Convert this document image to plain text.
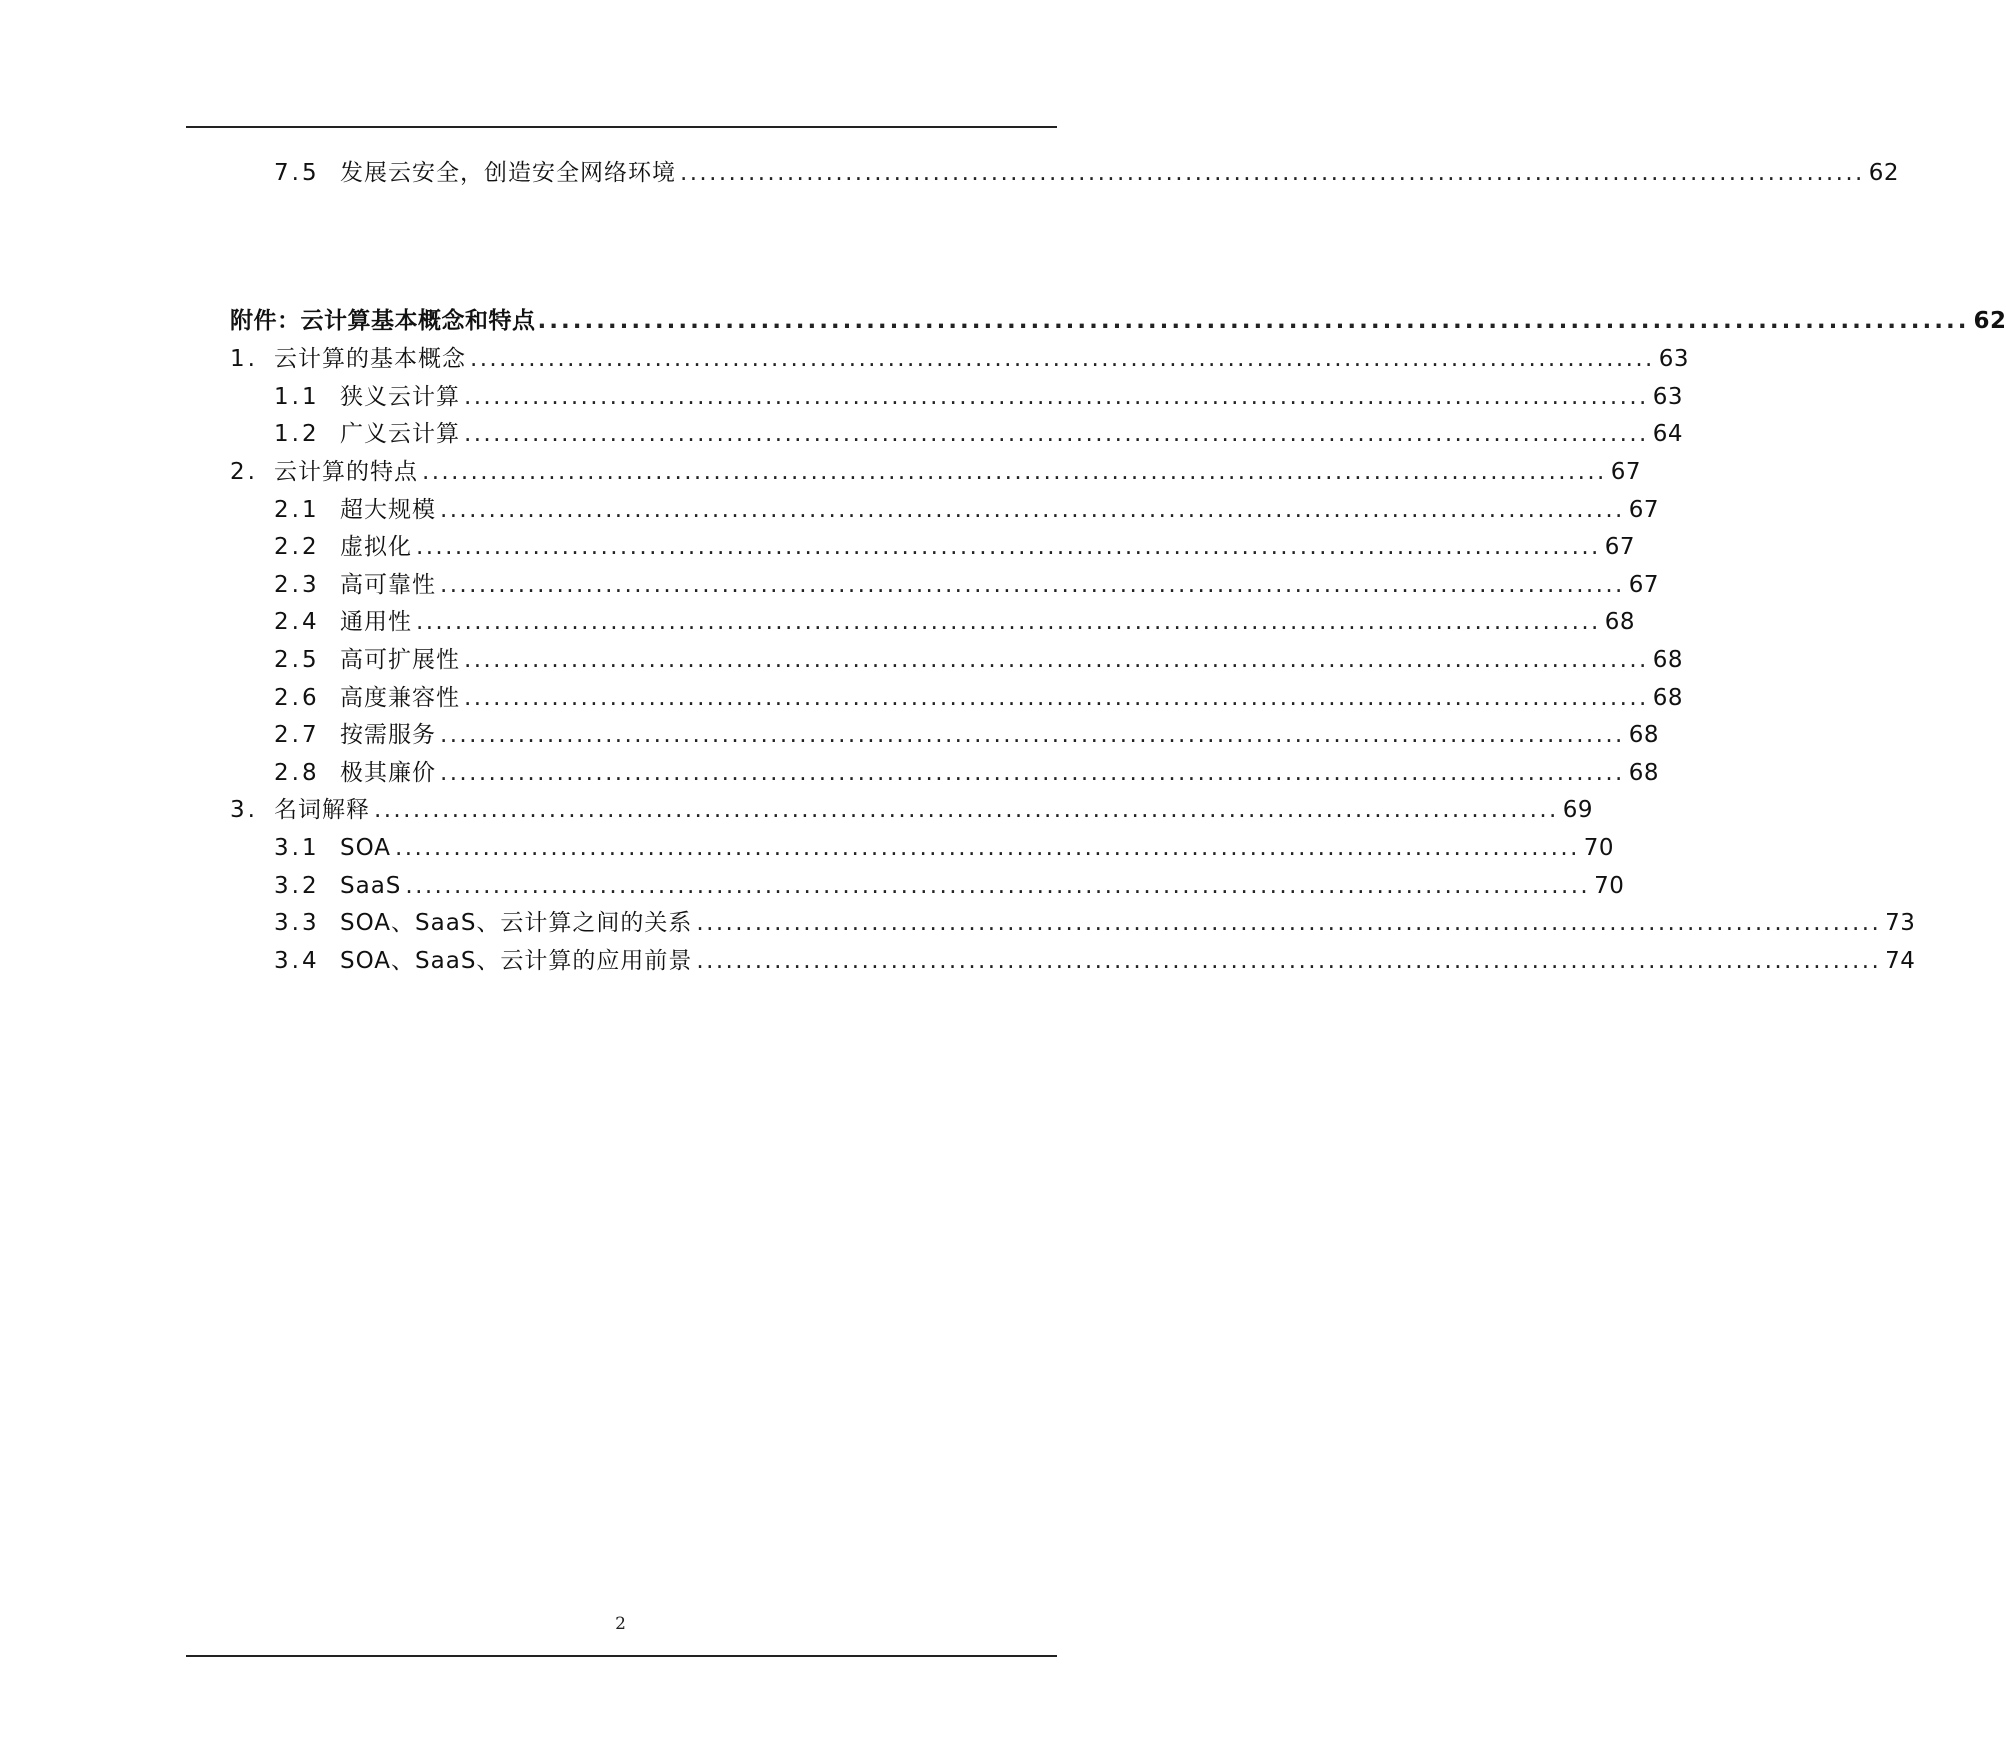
7.5 发展云安全，创造安全网络环境 .......................................................................................................................... 62
附件：云计算基本概念和特点 .......................................................................................................................... 62
1. 云计算的基本概念 .......................................................................................................................... 63
1.1 狭义云计算 .......................................................................................................................... 63
1.2 广义云计算 .......................................................................................................................... 64
2. 云计算的特点 .......................................................................................................................... 67
2.1 超大规模 .......................................................................................................................... 67
2.2 虚拟化 .......................................................................................................................... 67
2.3 高可靠性 .......................................................................................................................... 67
2.4 通用性 .......................................................................................................................... 68
2.5 高可扩展性 .......................................................................................................................... 68
2.6 高度兼容性 .......................................................................................................................... 68
2.7 按需服务 .......................................................................................................................... 68
2.8 极其廉价 .......................................................................................................................... 68
3. 名词解释 .......................................................................................................................... 69
3.1 SOA .......................................................................................................................... 70
3.2 SaaS .......................................................................................................................... 70
3.3 SOA、SaaS、云计算之间的关系 .......................................................................................................................... 73
3.4 SOA、SaaS、云计算的应用前景 .......................................................................................................................... 74
2
